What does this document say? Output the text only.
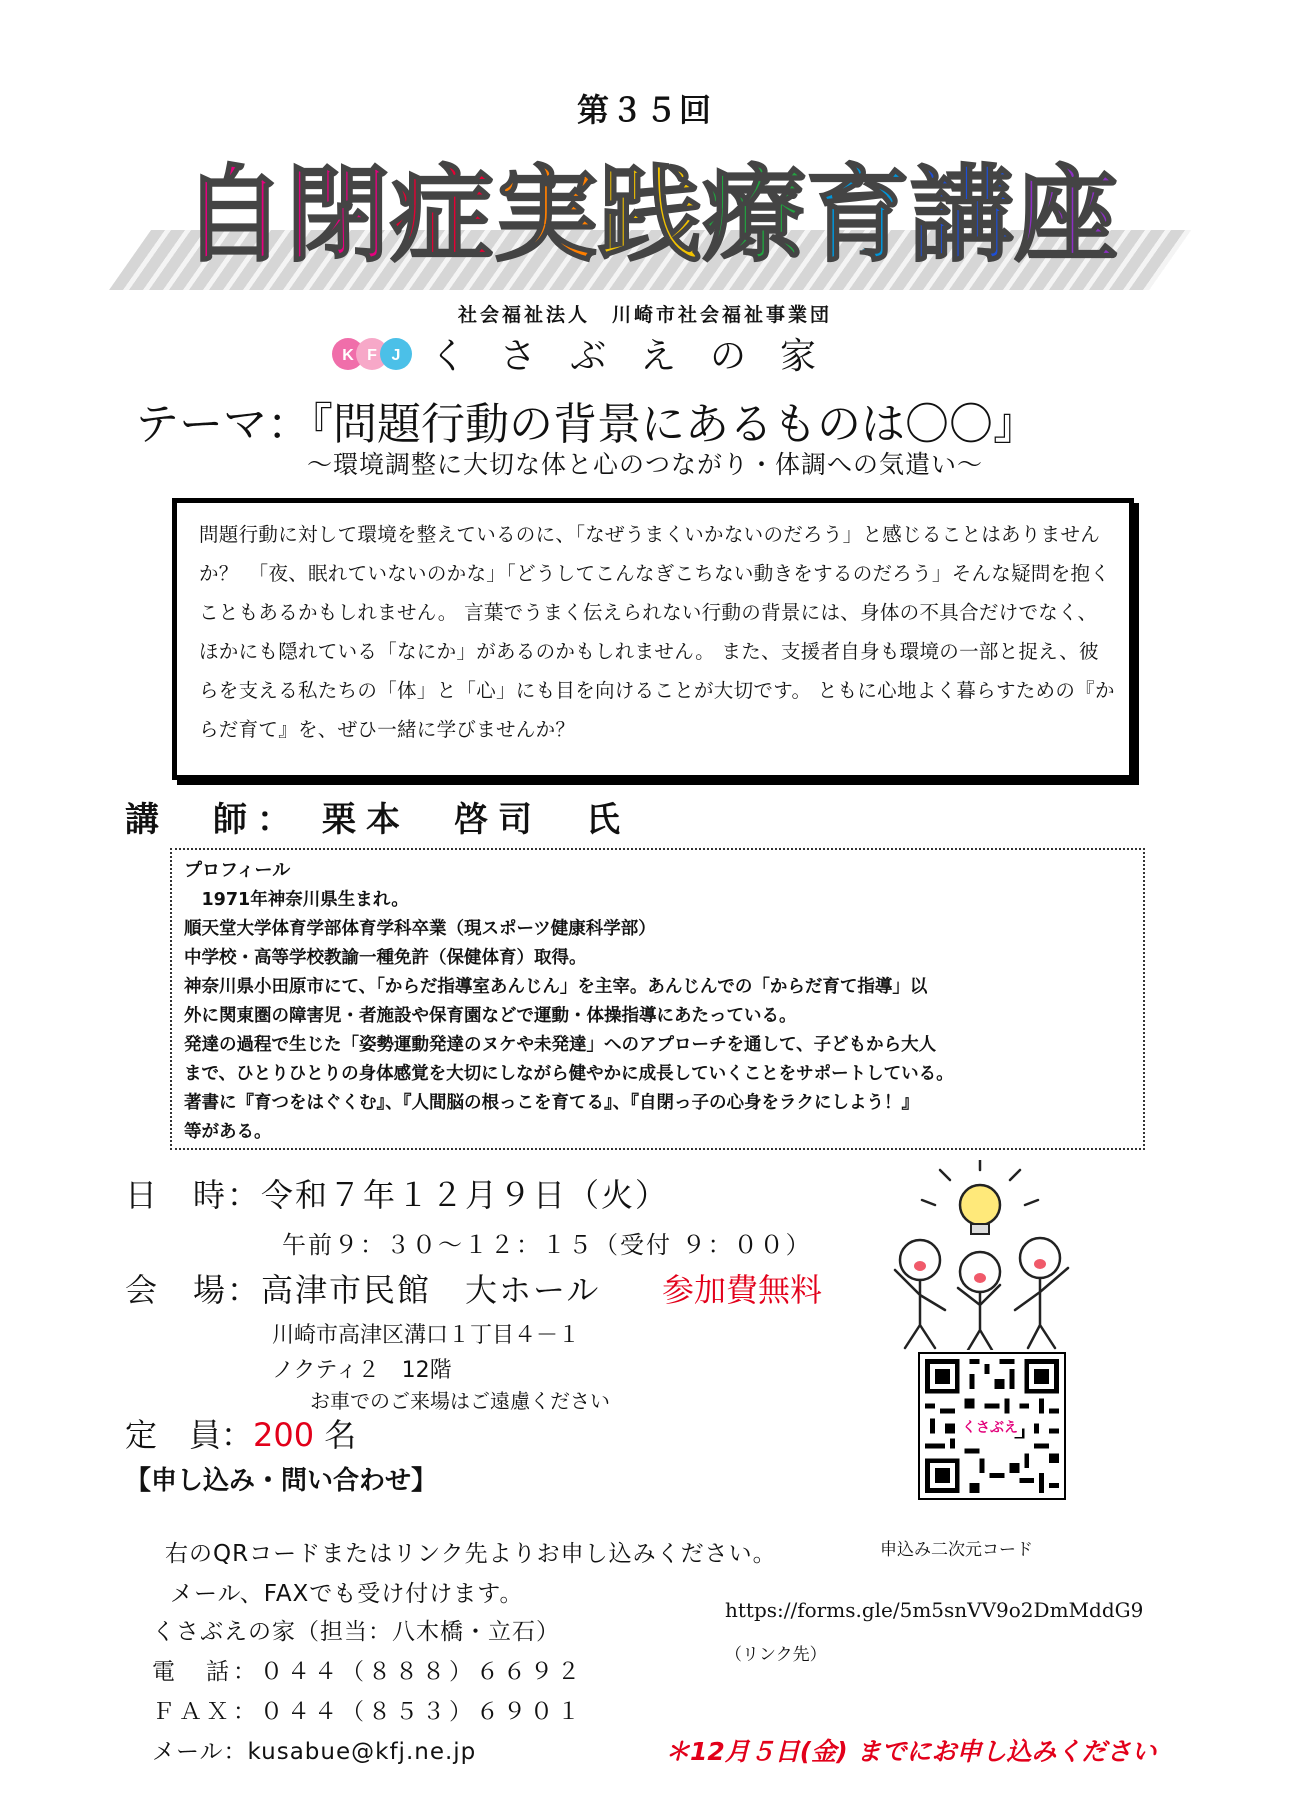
第３５回
自閉症実践療育講座
社会福祉法人　川崎市社会福祉事業団
K F J くさぶえの家
テーマ：『問題行動の背景にあるものは〇〇』
～環境調整に大切な体と心のつながり・体調への気遣い～
問題行動に対して環境を整えているのに、「なぜうまくいかないのだろう」と感じることはありませんか？　「夜、眠れていないのかな」「どうしてこんなぎこちない動きをするのだろう」そんな疑問を抱くこともあるかもしれません。 言葉でうまく伝えられない行動の背景には、身体の不具合だけでなく、ほかにも隠れている「なにか」があるのかもしれません。 また、支援者自身も環境の一部と捉え、彼らを支える私たちの「体」と「心」にも目を向けることが大切です。 ともに心地よく暮らすための『からだ育て』を、ぜひ一緒に学びませんか？
講　師： 栗本　啓司　氏
プロフィール
　1971年神奈川県生まれ。
順天堂大学体育学部体育学科卒業（現スポーツ健康科学部）
中学校・高等学校教諭一種免許（保健体育）取得。
神奈川県小田原市にて、「からだ指導室あんじん」を主宰。あんじんでの「からだ育て指導」以
外に関東圏の障害児・者施設や保育園などで運動・体操指導にあたっている。
発達の過程で生じた「姿勢運動発達のヌケや未発達」へのアプローチを通して、子どもから大人
まで、ひとりひとりの身体感覚を大切にしながら健やかに成長していくことをサポートしている。
著書に『育つをはぐくむ』、『人間脳の根っこを育てる』、『自閉っ子の心身をラクにしよう！』
等がある。
日　時：令和７年１２月９日（火）
午前９：３０～１２：１５（受付 ９：００）
会　場：高津市民館　大ホール 参加費無料
川崎市高津区溝口１丁目４－１
ノクティ２　12階
お車でのご来場はご遠慮ください
定　員：200 名
【申し込み・問い合わせ】
右のQRコードまたはリンク先よりお申し込みください。
メール、FAXでも受け付けます。
くさぶえの家（担当：八木橋・立石）
電　話：０４４（８８８）６６９２
ＦＡＸ：０４４（８５３）６９０１
メール：kusabue@kfj.ne.jp
くさぶえ
申込み二次元コード
https://forms.gle/5m5snVV9o2DmMddG9
（リンク先）
＊12月５日(金) までにお申し込みください
